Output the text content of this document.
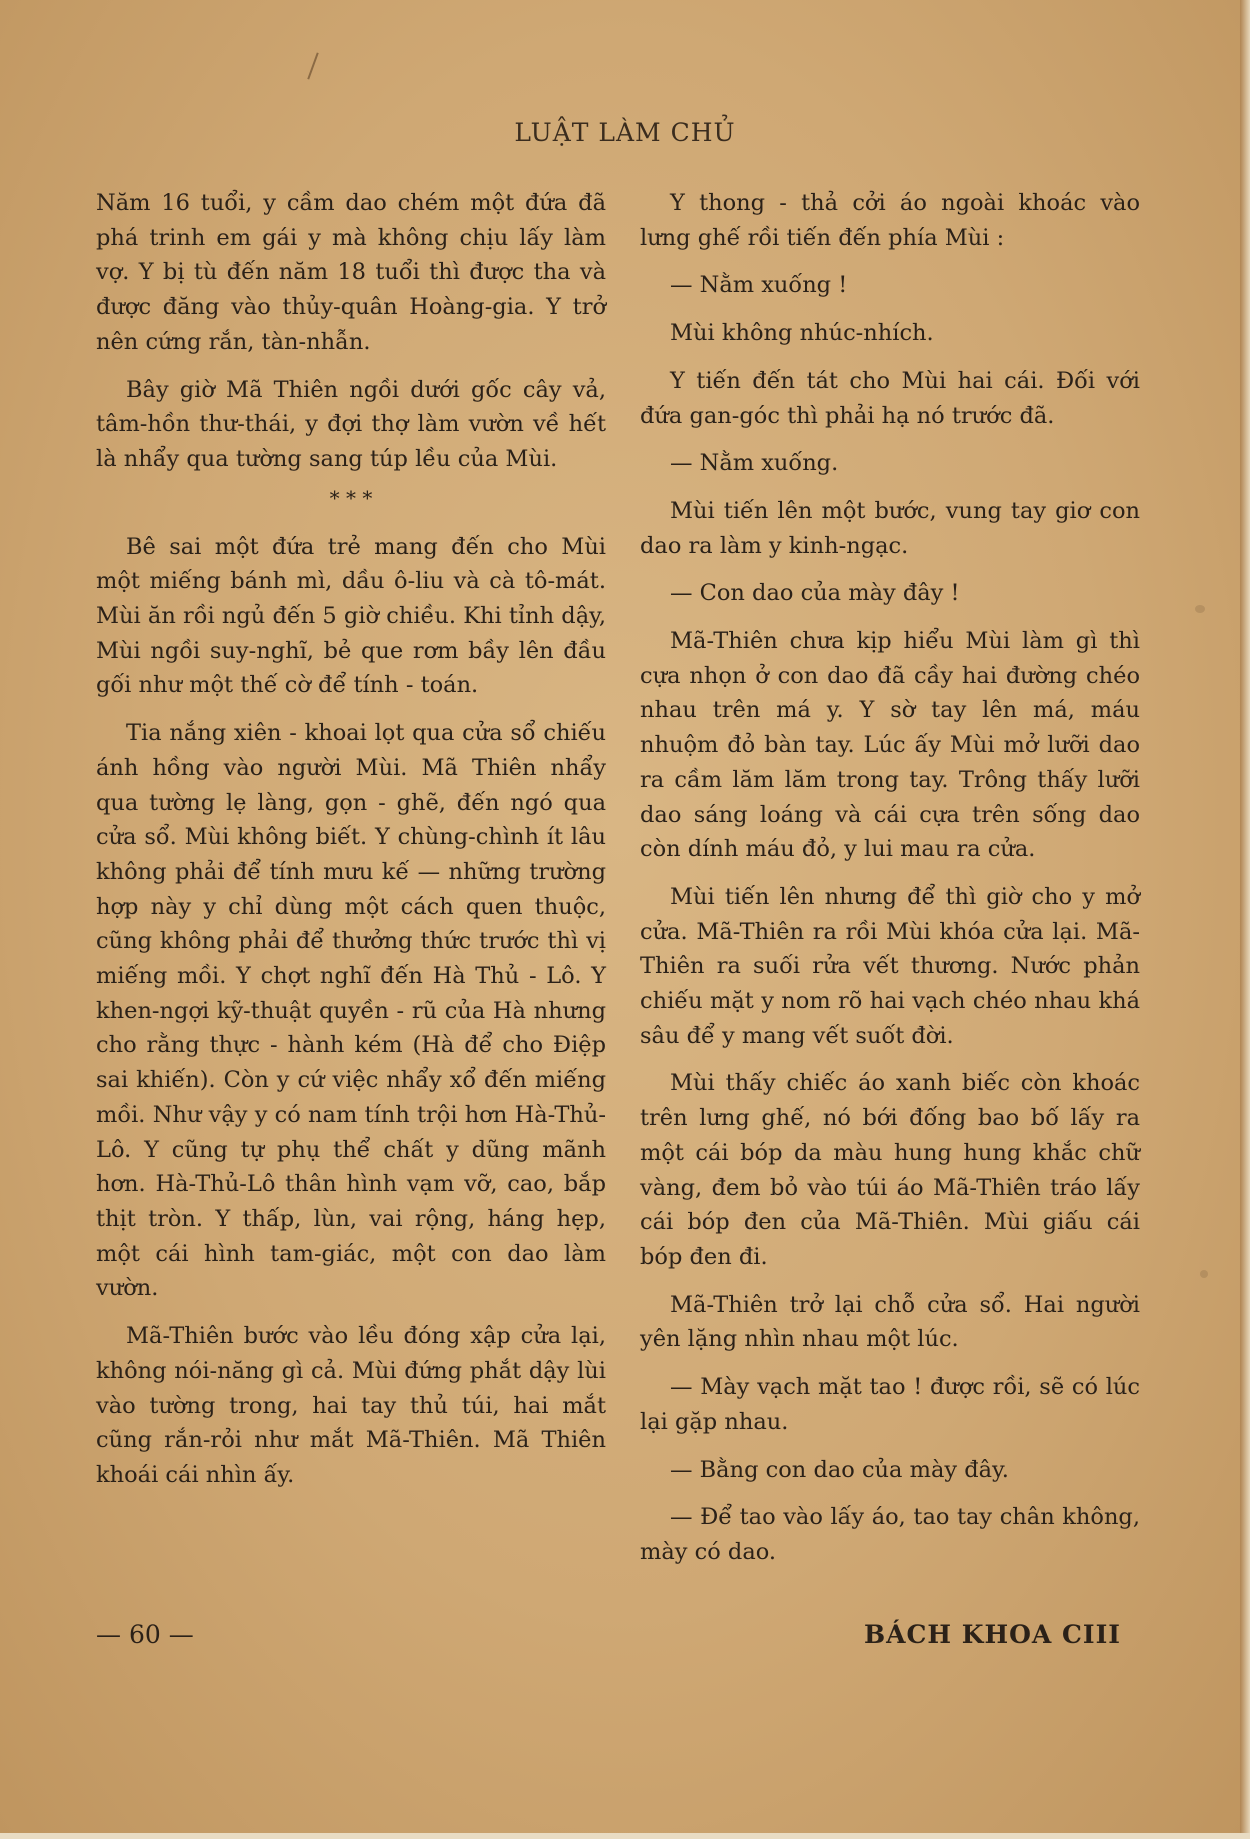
LUẬT LÀM CHỦ

Năm 16 tuổi, y cầm dao chém một đứa đã phá trinh em gái y mà không chịu lấy làm vợ. Y bị tù đến năm 18 tuổi thì được tha và được đăng vào thủy-quân Hoàng-gia. Y trở nên cứng rắn, tàn-nhẫn.

Bây giờ Mã Thiên ngồi dưới gốc cây vả, tâm-hồn thư-thái, y đợi thợ làm vườn về hết là nhẩy qua tường sang túp lều của Mùi.

* * *

Bê sai một đứa trẻ mang đến cho Mùi một miếng bánh mì, dầu ô-liu và cà tô-mát. Mùi ăn rồi ngủ đến 5 giờ chiều. Khi tỉnh dậy, Mùi ngồi suy-nghĩ, bẻ que rơm bầy lên đầu gối như một thế cờ để tính - toán.

Tia nắng xiên - khoai lọt qua cửa sổ chiếu ánh hồng vào người Mùi. Mã Thiên nhẩy qua tường lẹ làng, gọn - ghẽ, đến ngó qua cửa sổ. Mùi không biết. Y chùng-chình ít lâu không phải để tính mưu kế — những trường hợp này y chỉ dùng một cách quen thuộc, cũng không phải để thưởng thức trước thì vị miếng mồi. Y chợt nghĩ đến Hà Thủ - Lô. Y khen-ngợi kỹ-thuật quyền - rũ của Hà nhưng cho rằng thực - hành kém (Hà để cho Điệp sai khiến). Còn y cứ việc nhẩy xổ đến miếng mồi. Như vậy y có nam tính trội hơn Hà-Thủ-Lô. Y cũng tự phụ thể chất y dũng mãnh hơn. Hà-Thủ-Lô thân hình vạm vỡ, cao, bắp thịt tròn. Y thấp, lùn, vai rộng, háng hẹp, một cái hình tam-giác, một con dao làm vườn.

Mã-Thiên bước vào lều đóng xập cửa lại, không nói-năng gì cả. Mùi đứng phắt dậy lùi vào tường trong, hai tay thủ túi, hai mắt cũng rắn-rỏi như mắt Mã-Thiên. Mã Thiên khoái cái nhìn ấy.

Y thong - thả cởi áo ngoài khoác vào lưng ghế rồi tiến đến phía Mùi :

— Nằm xuống !

Mùi không nhúc-nhích.

Y tiến đến tát cho Mùi hai cái. Đối với đứa gan-góc thì phải hạ nó trước đã.

— Nằm xuống.

Mùi tiến lên một bước, vung tay giơ con dao ra làm y kinh-ngạc.

— Con dao của mày đây !

Mã-Thiên chưa kịp hiểu Mùi làm gì thì cựa nhọn ở con dao đã cầy hai đường chéo nhau trên má y. Y sờ tay lên má, máu nhuộm đỏ bàn tay. Lúc ấy Mùi mở lưỡi dao ra cầm lăm lăm trong tay. Trông thấy lưỡi dao sáng loáng và cái cựa trên sống dao còn dính máu đỏ, y lui mau ra cửa.

Mùi tiến lên nhưng để thì giờ cho y mở cửa. Mã-Thiên ra rồi Mùi khóa cửa lại. Mã-Thiên ra suối rửa vết thương. Nước phản chiếu mặt y nom rõ hai vạch chéo nhau khá sâu để y mang vết suốt đời.

Mùi thấy chiếc áo xanh biếc còn khoác trên lưng ghế, nó bới đống bao bố lấy ra một cái bóp da màu hung hung khắc chữ vàng, đem bỏ vào túi áo Mã-Thiên tráo lấy cái bóp đen của Mã-Thiên. Mùi giấu cái bóp đen đi.

Mã-Thiên trở lại chỗ cửa sổ. Hai người yên lặng nhìn nhau một lúc.

— Mày vạch mặt tao ! được rồi, sẽ có lúc lại gặp nhau.

— Bằng con dao của mày đây.

— Để tao vào lấy áo, tao tay chân không, mày có dao.

— 60 —	BÁCH KHOA CIII
